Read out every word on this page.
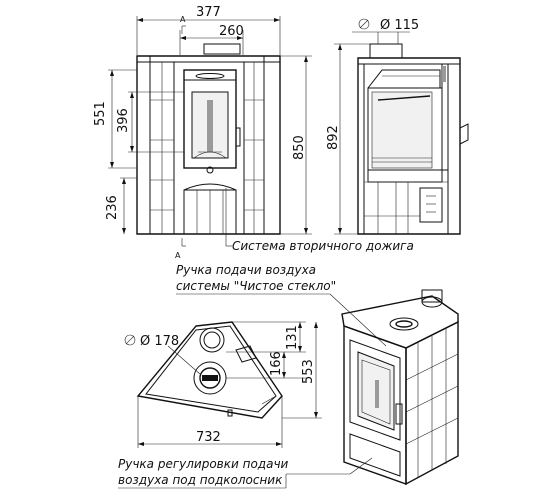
377
А
260
551 396
236
850
А
Система вторичного дожига
Ø 115
892
Ручка подачи воздуха
системы "Чистое стекло"
Ø 178	131
166 553
732
Ручка регулировки подачи
воздуха под подколосник
